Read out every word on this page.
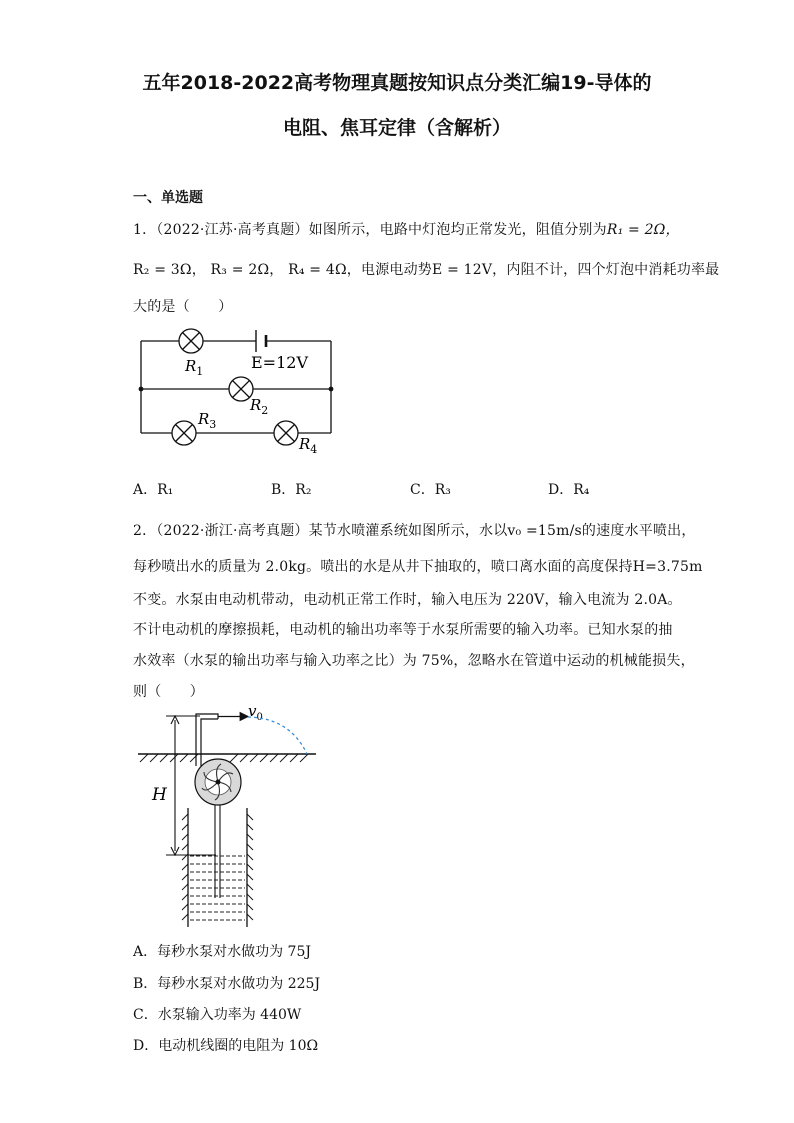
五年2018-2022高考物理真题按知识点分类汇编19-导体的
电阻、焦耳定律（含解析）
一、单选题
1．（2022·江苏·高考真题）如图所示，电路中灯泡均正常发光，阻值分别为R₁ = 2Ω，
R₂ = 3Ω， R₃ = 2Ω， R₄ = 4Ω，电源电动势E = 12V，内阻不计，四个灯泡中消耗功率最
大的是（　　）
E=12V
$R_1$
$R_2$
$R_3$
$R_4$
A．R₁	B．R₂	C．R₃	D．R₄
2．（2022·浙江·高考真题）某节水喷灌系统如图所示，水以v₀ =15m/s的速度水平喷出，
每秒喷出水的质量为 2.0kg。喷出的水是从井下抽取的，喷口离水面的高度保持H=3.75m
不变。水泵由电动机带动，电动机正常工作时，输入电压为 220V，输入电流为 2.0A。
不计电动机的摩擦损耗，电动机的输出功率等于水泵所需要的输入功率。已知水泵的抽
水效率（水泵的输出功率与输入功率之比）为 75%，忽略水在管道中运动的机械能损失，
则（　　）
H
$v_0$
A．每秒水泵对水做功为 75J
B．每秒水泵对水做功为 225J
C．水泵输入功率为 440W
D．电动机线圈的电阻为 10Ω
